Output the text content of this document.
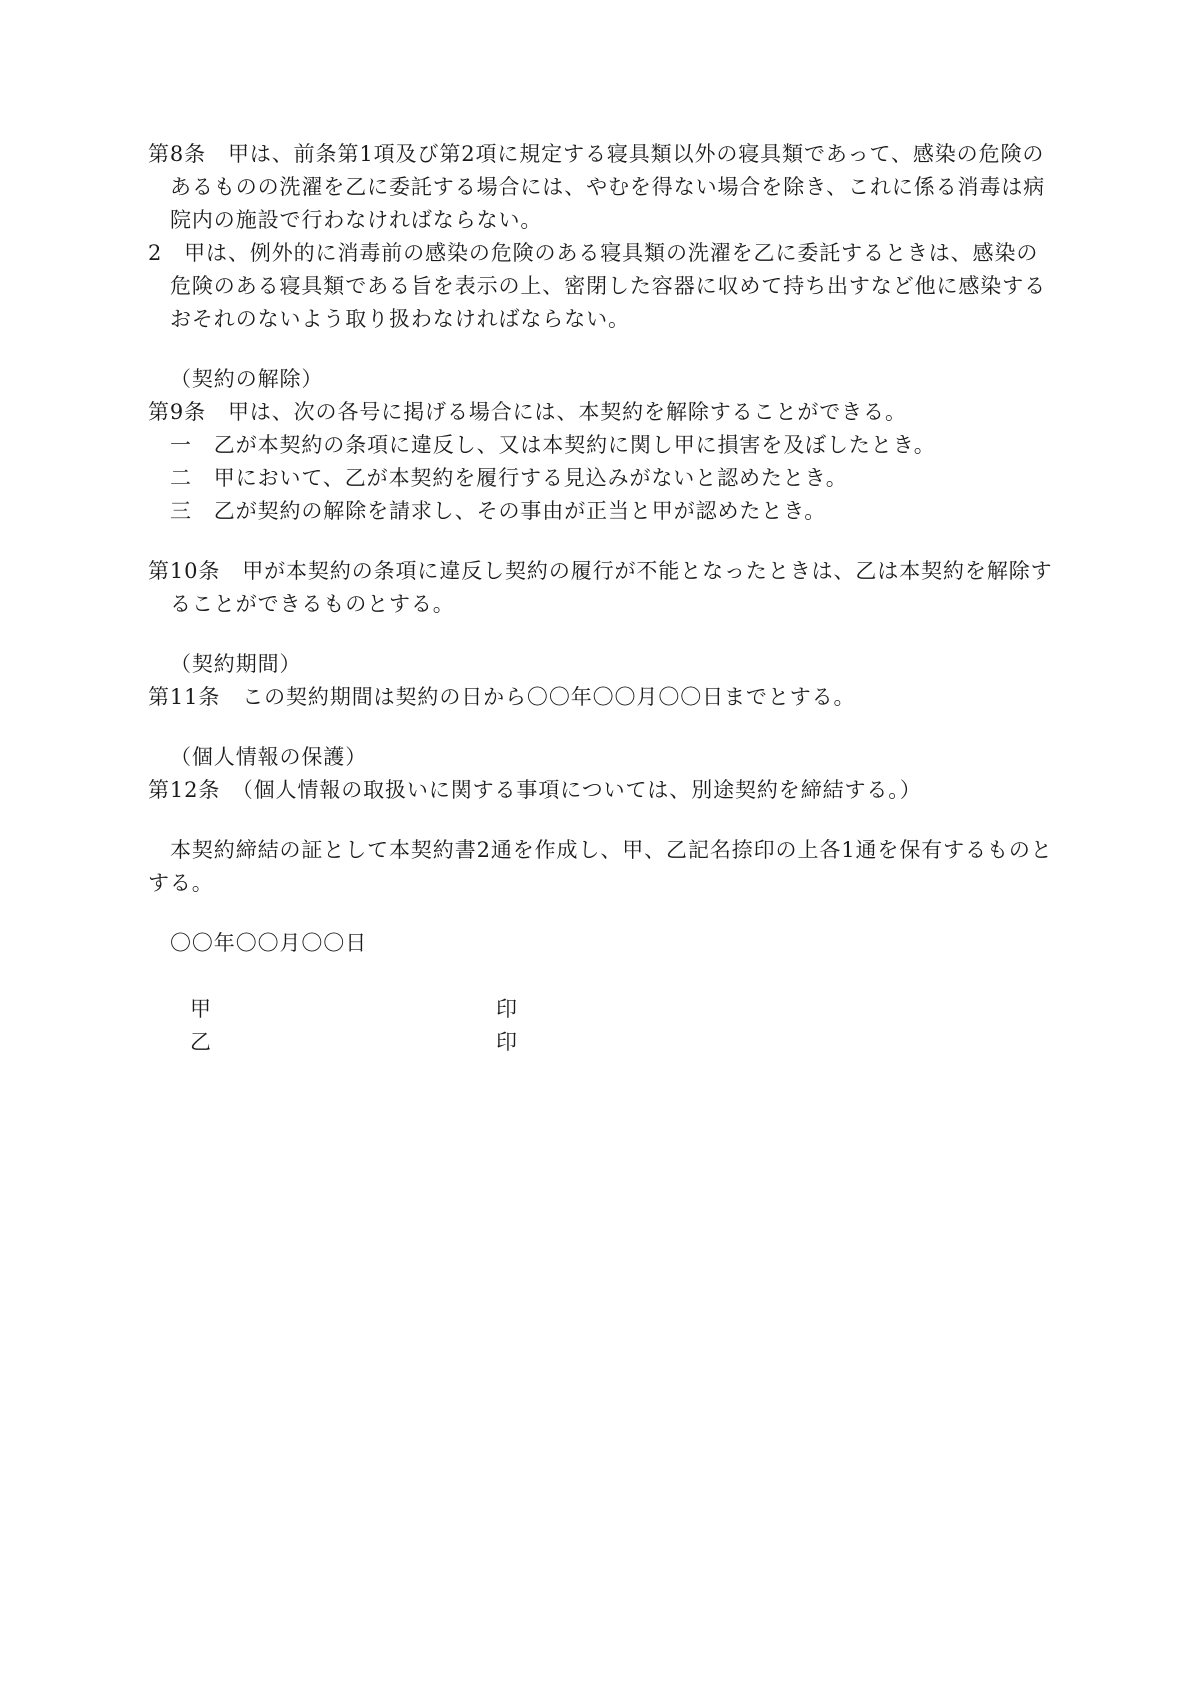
第8条　甲は、前条第1項及び第2項に規定する寝具類以外の寝具類であって、感染の危険の
あるものの洗濯を乙に委託する場合には、やむを得ない場合を除き、これに係る消毒は病
院内の施設で行わなければならない。
2　甲は、例外的に消毒前の感染の危険のある寝具類の洗濯を乙に委託するときは、感染の
危険のある寝具類である旨を表示の上、密閉した容器に収めて持ち出すなど他に感染する
おそれのないよう取り扱わなければならない。
（契約の解除）
第9条　甲は、次の各号に掲げる場合には、本契約を解除することができる。
一　乙が本契約の条項に違反し、又は本契約に関し甲に損害を及ぼしたとき。
二　甲において、乙が本契約を履行する見込みがないと認めたとき。
三　乙が契約の解除を請求し、その事由が正当と甲が認めたとき。
第10条　甲が本契約の条項に違反し契約の履行が不能となったときは、乙は本契約を解除す
ることができるものとする。
（契約期間）
第11条　この契約期間は契約の日から〇〇年〇〇月〇〇日までとする。
（個人情報の保護）
第12条　（個人情報の取扱いに関する事項については、別途契約を締結する。）
本契約締結の証として本契約書2通を作成し、甲、乙記名捺印の上各1通を保有するものと
する。
〇〇年〇〇月〇〇日
甲	印
乙	印
